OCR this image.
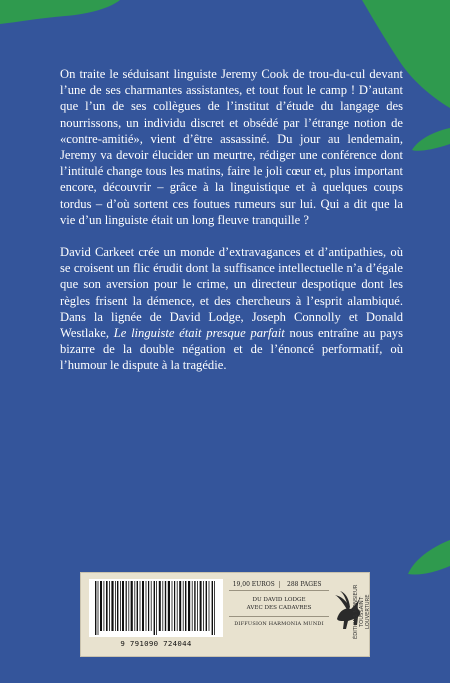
On traite le séduisant linguiste Jeremy Cook de trou-du-cul devant l’une de ses charmantes assistantes, et tout fout le camp ! D’autant que l’un de ses collègues de l’institut d’étude du langage des nourrissons, un individu discret et obsédé par l’étrange notion de «contre-amitié», vient d’être assassiné. Du jour au lendemain, Jeremy va devoir élucider un meurtre, rédiger une conférence dont l’intitulé change tous les matins, faire le joli cœur et, plus important encore, découvrir – grâce à la linguistique et à quelques coups tordus – d’où sortent ces foutues rumeurs sur lui. Qui a dit que la vie d’un linguiste était un long fleuve tranquille ?

David Carkeet crée un monde d’extravagances et d’antipathies, où se croisent un flic érudit dont la suffisance intellectuelle n’a d’égale que son aversion pour le crime, un directeur despotique dont les règles frisent la démence, et des chercheurs à l’esprit alambiqué. Dans la lignée de David Lodge, Joseph Connolly et Donald Westlake, Le linguiste était presque parfait nous entraîne au pays bizarre de la double négation et de l’énoncé performatif, où l’humour le dispute à la tragédie.

9 791090 724044
19,00 EUROS	288 PAGES
DU DAVID LODGE
AVEC DES CADAVRES
DIFFUSION HARMONIA MUNDI	ÉDITIONS MONSIEUR TOUSSAINT LOUVERTURE
